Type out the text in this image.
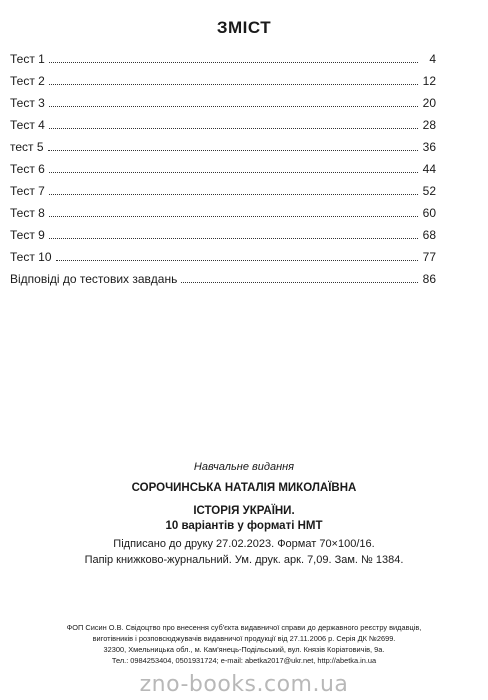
ЗМІСТ
Тест 1	4
Тест 2	12
Тест 3	20
Тест 4	28
тест 5	36
Тест 6	44
Тест 7	52
Тест 8	60
Тест 9	68
Тест 10	77
Відповіді до тестових завдань	86
Навчальне видання
СОРОЧИНСЬКА НАТАЛІЯ МИКОЛАЇВНА
ІСТОРІЯ УКРАЇНИ.
10 варіантів у форматі НМТ
Підписано до друку 27.02.2023. Формат 70×100/16.
Папір книжково-журнальний. Ум. друк. арк. 7,09. Зам. № 1384.
ФОП Сисин О.В. Свідоцтво про внесення суб'єкта видавничої справи до державного реєстру видавців,
виготівників і розповсюджувачів видавничої продукції від 27.11.2006 р. Серія ДК №2699.
32300, Хмельницька обл., м. Кам'янець-Подільський, вул. Князів Коріатовичів, 9а.
Тел.: 0984253404, 0501931724; e-mail: abetka2017@ukr.net, http://abetka.in.ua
zno-books.com.ua
